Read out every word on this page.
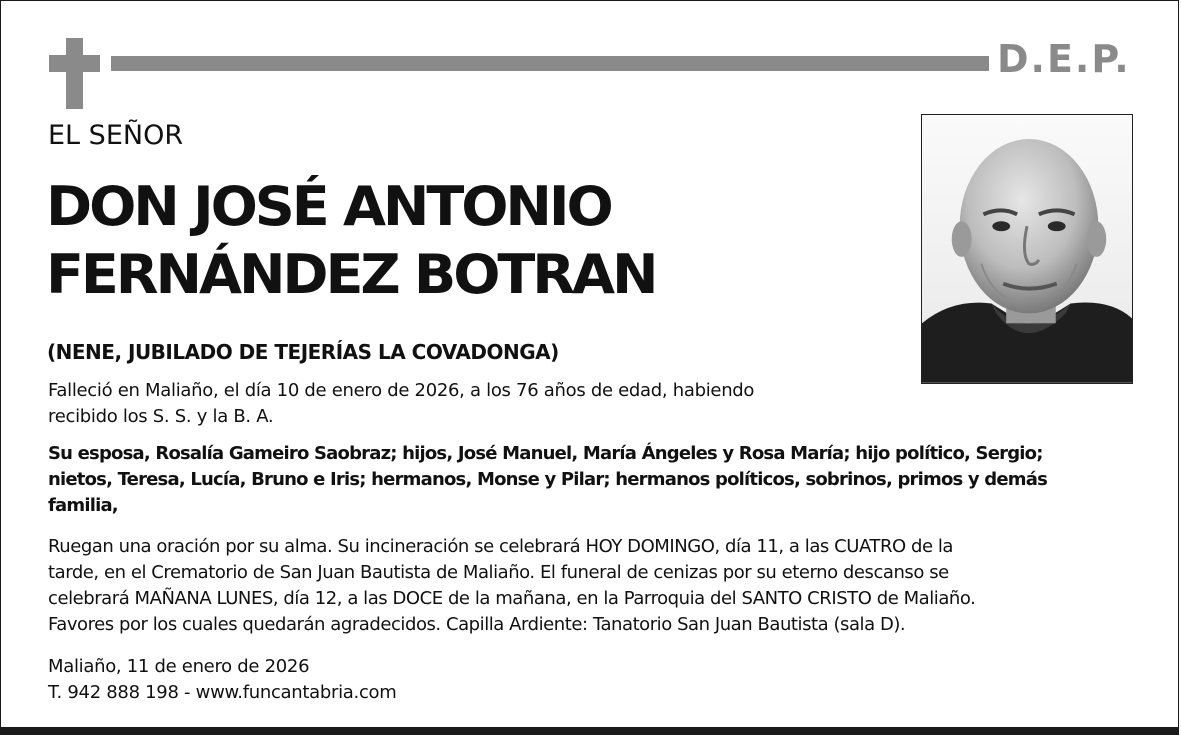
D.E.P.
EL SEÑOR
DON JOSÉ ANTONIO
FERNÁNDEZ BOTRAN
(NENE, JUBILADO DE TEJERÍAS LA COVADONGA)
Falleció en Maliaño, el día 10 de enero de 2026, a los 76 años de edad, habiendo
recibido los S. S. y la B. A.
Su esposa, Rosalía Gameiro Saobraz; hijos, José Manuel, María Ángeles y Rosa María; hijo político, Sergio;
nietos, Teresa, Lucía, Bruno e Iris; hermanos, Monse y Pilar; hermanos políticos, sobrinos, primos y demás
familia,
Ruegan una oración por su alma. Su incineración se celebrará HOY DOMINGO, día 11, a las CUATRO de la
tarde, en el Crematorio de San Juan Bautista de Maliaño. El funeral de cenizas por su eterno descanso se
celebrará MAÑANA LUNES, día 12, a las DOCE de la mañana, en la Parroquia del SANTO CRISTO de Maliaño.
Favores por los cuales quedarán agradecidos. Capilla Ardiente: Tanatorio San Juan Bautista (sala D).
Maliaño, 11 de enero de 2026
T. 942 888 198 - www.funcantabria.com
